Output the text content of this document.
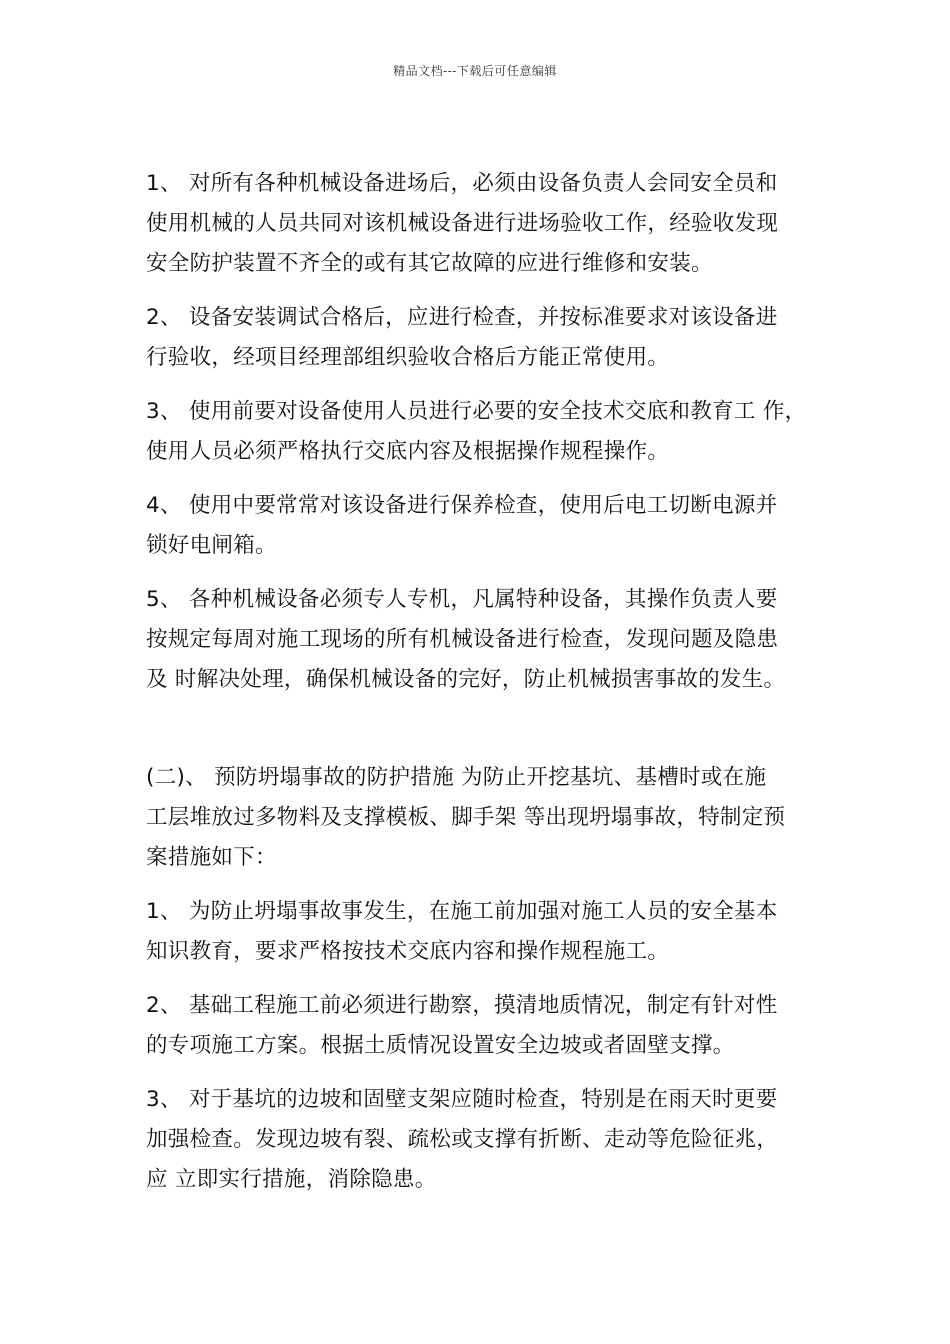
精品文档---下载后可任意编辑
1、 对所有各种机械设备进场后，必须由设备负责人会同安全员和
使用机械的人员共同对该机械设备进行进场验收工作，经验收发现
安全防护装置不齐全的或有其它故障的应进行维修和安装。
2、 设备安装调试合格后，应进行检查，并按标准要求对该设备进
行验收，经项目经理部组织验收合格后方能正常使用。
3、 使用前要对设备使用人员进行必要的安全技术交底和教育工 作，
使用人员必须严格执行交底内容及根据操作规程操作。
4、 使用中要常常对该设备进行保养检查，使用后电工切断电源并
锁好电闸箱。
5、 各种机械设备必须专人专机，凡属特种设备，其操作负责人要
按规定每周对施工现场的所有机械设备进行检查，发现问题及隐患
及 时解决处理，确保机械设备的完好，防止机械损害事故的发生。
(二)、 预防坍塌事故的防护措施 为防止开挖基坑、基槽时或在施
工层堆放过多物料及支撑模板、脚手架 等出现坍塌事故，特制定预
案措施如下：
1、 为防止坍塌事故事发生，在施工前加强对施工人员的安全基本
知识教育，要求严格按技术交底内容和操作规程施工。
2、 基础工程施工前必须进行勘察，摸清地质情况，制定有针对性
的专项施工方案。根据土质情况设置安全边坡或者固壁支撑。
3、 对于基坑的边坡和固壁支架应随时检查，特别是在雨天时更要
加强检查。发现边坡有裂、疏松或支撑有折断、走动等危险征兆，
应 立即实行措施，消除隐患。
